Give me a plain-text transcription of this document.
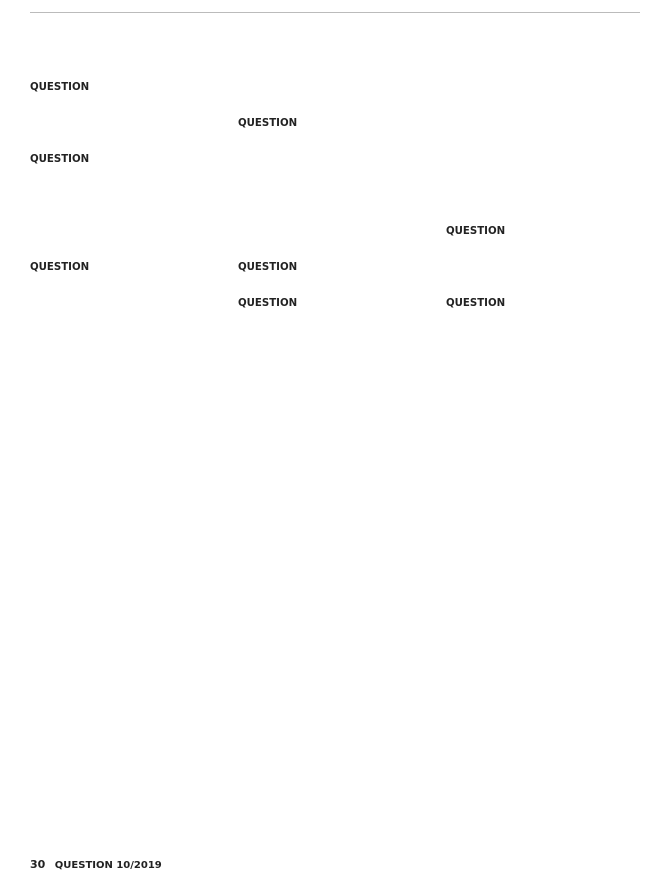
QUESTION

QUESTION

QUESTION

QUESTION

QUESTION

QUESTION

QUESTION

QUESTION

30 QUESTION 10/2019
